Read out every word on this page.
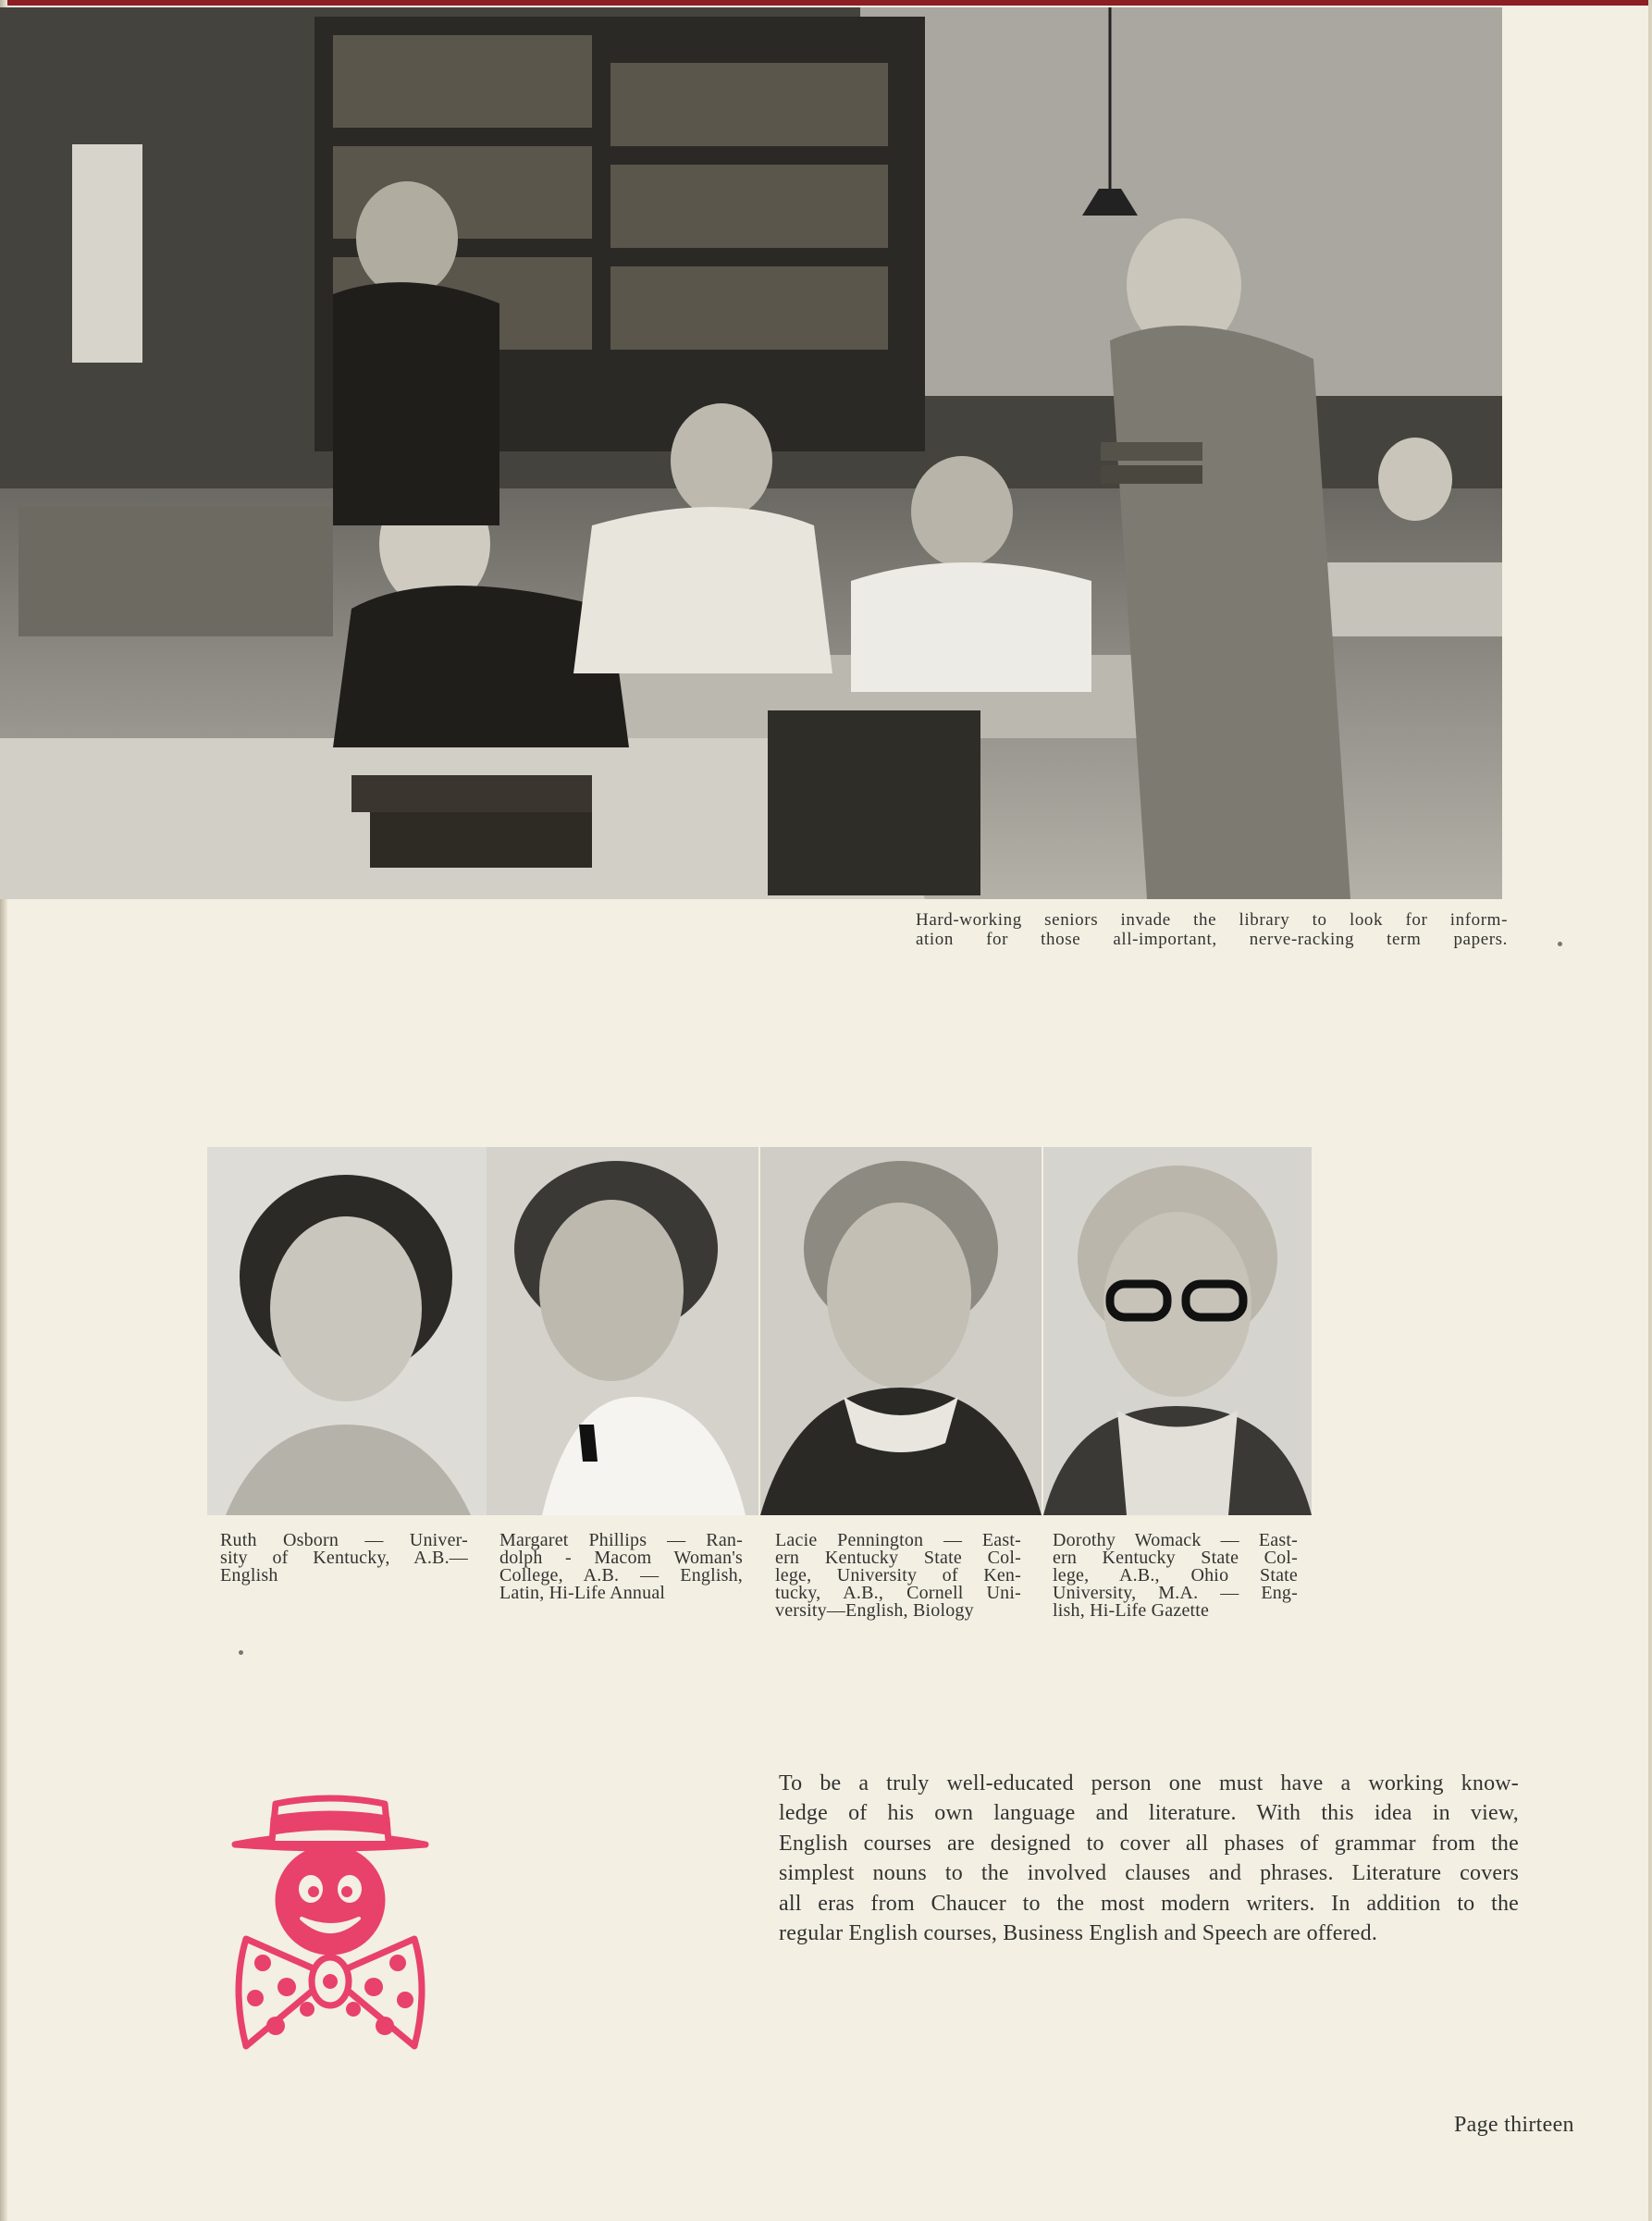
Hard-working seniors invade the library to look for inform-
ation for those all-important, nerve-racking term papers.
Ruth Osborn — Univer-
sity of Kentucky, A.B.—
English
Margaret Phillips — Ran-
dolph - Macom Woman's
College, A.B. — English,
Latin, Hi-Life Annual
Lacie Pennington — East-
ern Kentucky State Col-
lege, University of Ken-
tucky, A.B., Cornell Uni-
versity—English, Biology
Dorothy Womack — East-
ern Kentucky State Col-
lege, A.B., Ohio State
University, M.A. — Eng-
lish, Hi-Life Gazette
To be a truly well-educated person one must have a working know-
ledge of his own language and literature. With this idea in view,
English courses are designed to cover all phases of grammar from the
simplest nouns to the involved clauses and phrases. Literature covers
all eras from Chaucer to the most modern writers. In addition to the
regular English courses, Business English and Speech are offered.
Page thirteen
